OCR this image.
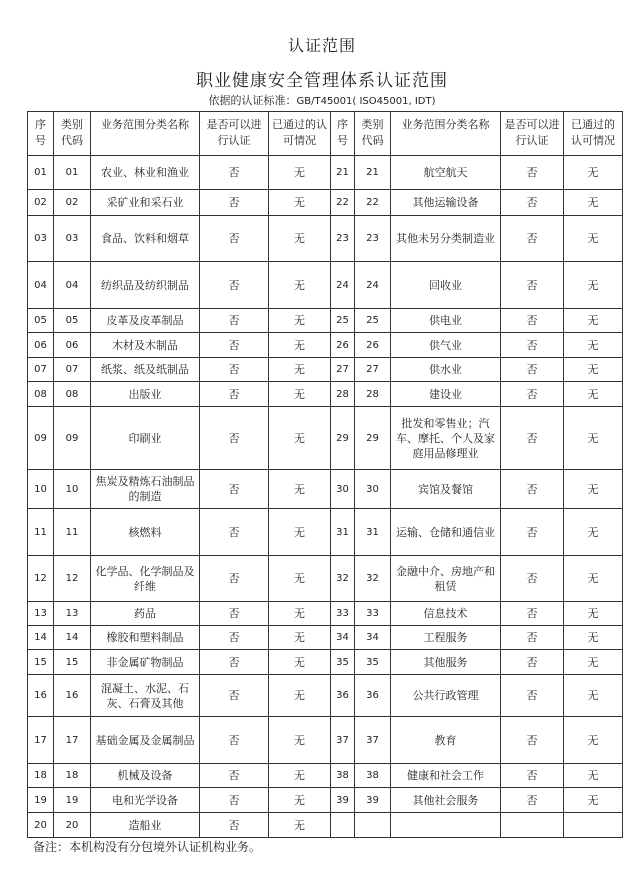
认证范围
职业健康安全管理体系认证范围
依据的认证标准：GB/T45001( ISO45001, IDT)
序号	类别代码	业务范围分类名称	是否可以进行认证	已通过的认可情况	序号	类别代码	业务范围分类名称	是否可以进行认证	已通过的认可情况
01	01	农业、林业和渔业	否	无	21	21	航空航天	否	无
02	02	采矿业和采石业	否	无	22	22	其他运输设备	否	无
03	03	食品、饮料和烟草	否	无	23	23	其他未另分类制造业	否	无
04	04	纺织品及纺织制品	否	无	24	24	回收业	否	无
05	05	皮革及皮革制品	否	无	25	25	供电业	否	无
06	06	木材及木制品	否	无	26	26	供气业	否	无
07	07	纸浆、纸及纸制品	否	无	27	27	供水业	否	无
08	08	出版业	否	无	28	28	建设业	否	无
09	09	印刷业	否	无	29	29	批发和零售业；汽车、摩托、个人及家庭用品修理业	否	无
10	10	焦炭及精炼石油制品的制造	否	无	30	30	宾馆及餐馆	否	无
11	11	核燃料	否	无	31	31	运输、仓储和通信业	否	无
12	12	化学品、化学制品及纤维	否	无	32	32	金融中介、房地产和租赁	否	无
13	13	药品	否	无	33	33	信息技术	否	无
14	14	橡胶和塑料制品	否	无	34	34	工程服务	否	无
15	15	非金属矿物制品	否	无	35	35	其他服务	否	无
16	16	混凝土、水泥、石灰、石膏及其他	否	无	36	36	公共行政管理	否	无
17	17	基础金属及金属制品	否	无	37	37	教育	否	无
18	18	机械及设备	否	无	38	38	健康和社会工作	否	无
19	19	电和光学设备	否	无	39	39	其他社会服务	否	无
20	20	造船业	否	无					
备注：本机构没有分包境外认证机构业务。
